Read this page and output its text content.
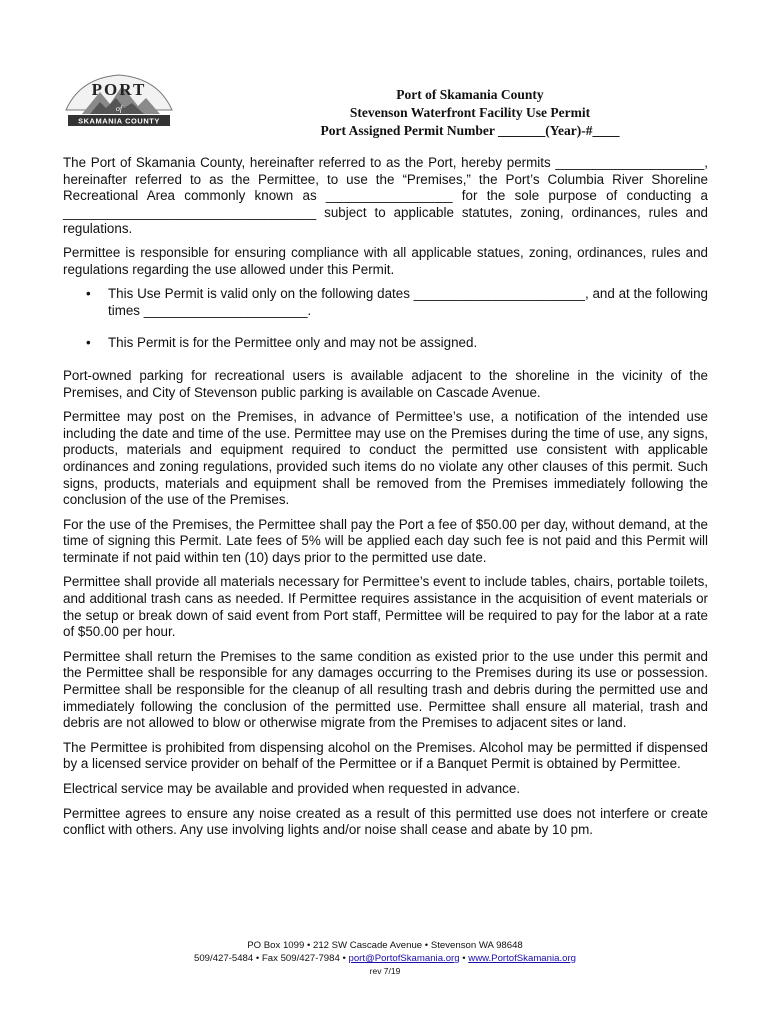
PORT
of
SKAMANIA COUNTY
Port of Skamania County
Stevenson Waterfront Facility Use Permit
Port Assigned Permit Number _______(Year)-#____

The Port of Skamania County, hereinafter referred to as the Port, hereby permits ____________________, hereinafter referred to as the Permittee, to use the “Premises,” the Port’s Columbia River Shoreline Recreational Area commonly known as _________________ for the sole purpose of conducting a __________________________________ subject to applicable statutes, zoning, ordinances, rules and regulations.

Permittee is responsible for ensuring compliance with all applicable statues, zoning, ordinances, rules and regulations regarding the use allowed under this Permit.

• This Use Permit is valid only on the following dates _______________________, and at the following times ______________________.
• This Permit is for the Permittee only and may not be assigned.

Port-owned parking for recreational users is available adjacent to the shoreline in the vicinity of the Premises, and City of Stevenson public parking is available on Cascade Avenue.

Permittee may post on the Premises, in advance of Permittee’s use, a notification of the intended use including the date and time of the use. Permittee may use on the Premises during the time of use, any signs, products, materials and equipment required to conduct the permitted use consistent with applicable ordinances and zoning regulations, provided such items do no violate any other clauses of this permit. Such signs, products, materials and equipment shall be removed from the Premises immediately following the conclusion of the use of the Premises.

For the use of the Premises, the Permittee shall pay the Port a fee of $50.00 per day, without demand, at the time of signing this Permit. Late fees of 5% will be applied each day such fee is not paid and this Permit will terminate if not paid within ten (10) days prior to the permitted use date.

Permittee shall provide all materials necessary for Permittee’s event to include tables, chairs, portable toilets, and additional trash cans as needed. If Permittee requires assistance in the acquisition of event materials or the setup or break down of said event from Port staff, Permittee will be required to pay for the labor at a rate of $50.00 per hour.

Permittee shall return the Premises to the same condition as existed prior to the use under this permit and the Permittee shall be responsible for any damages occurring to the Premises during its use or possession. Permittee shall be responsible for the cleanup of all resulting trash and debris during the permitted use and immediately following the conclusion of the permitted use. Permittee shall ensure all material, trash and debris are not allowed to blow or otherwise migrate from the Premises to adjacent sites or land.

The Permittee is prohibited from dispensing alcohol on the Premises. Alcohol may be permitted if dispensed by a licensed service provider on behalf of the Permittee or if a Banquet Permit is obtained by Permittee.

Electrical service may be available and provided when requested in advance.

Permittee agrees to ensure any noise created as a result of this permitted use does not interfere or create conflict with others. Any use involving lights and/or noise shall cease and abate by 10 pm.

PO Box 1099 • 212 SW Cascade Avenue • Stevenson WA 98648
509/427-5484 • Fax 509/427-7984 • port@PortofSkamania.org • www.PortofSkamania.org
rev 7/19
